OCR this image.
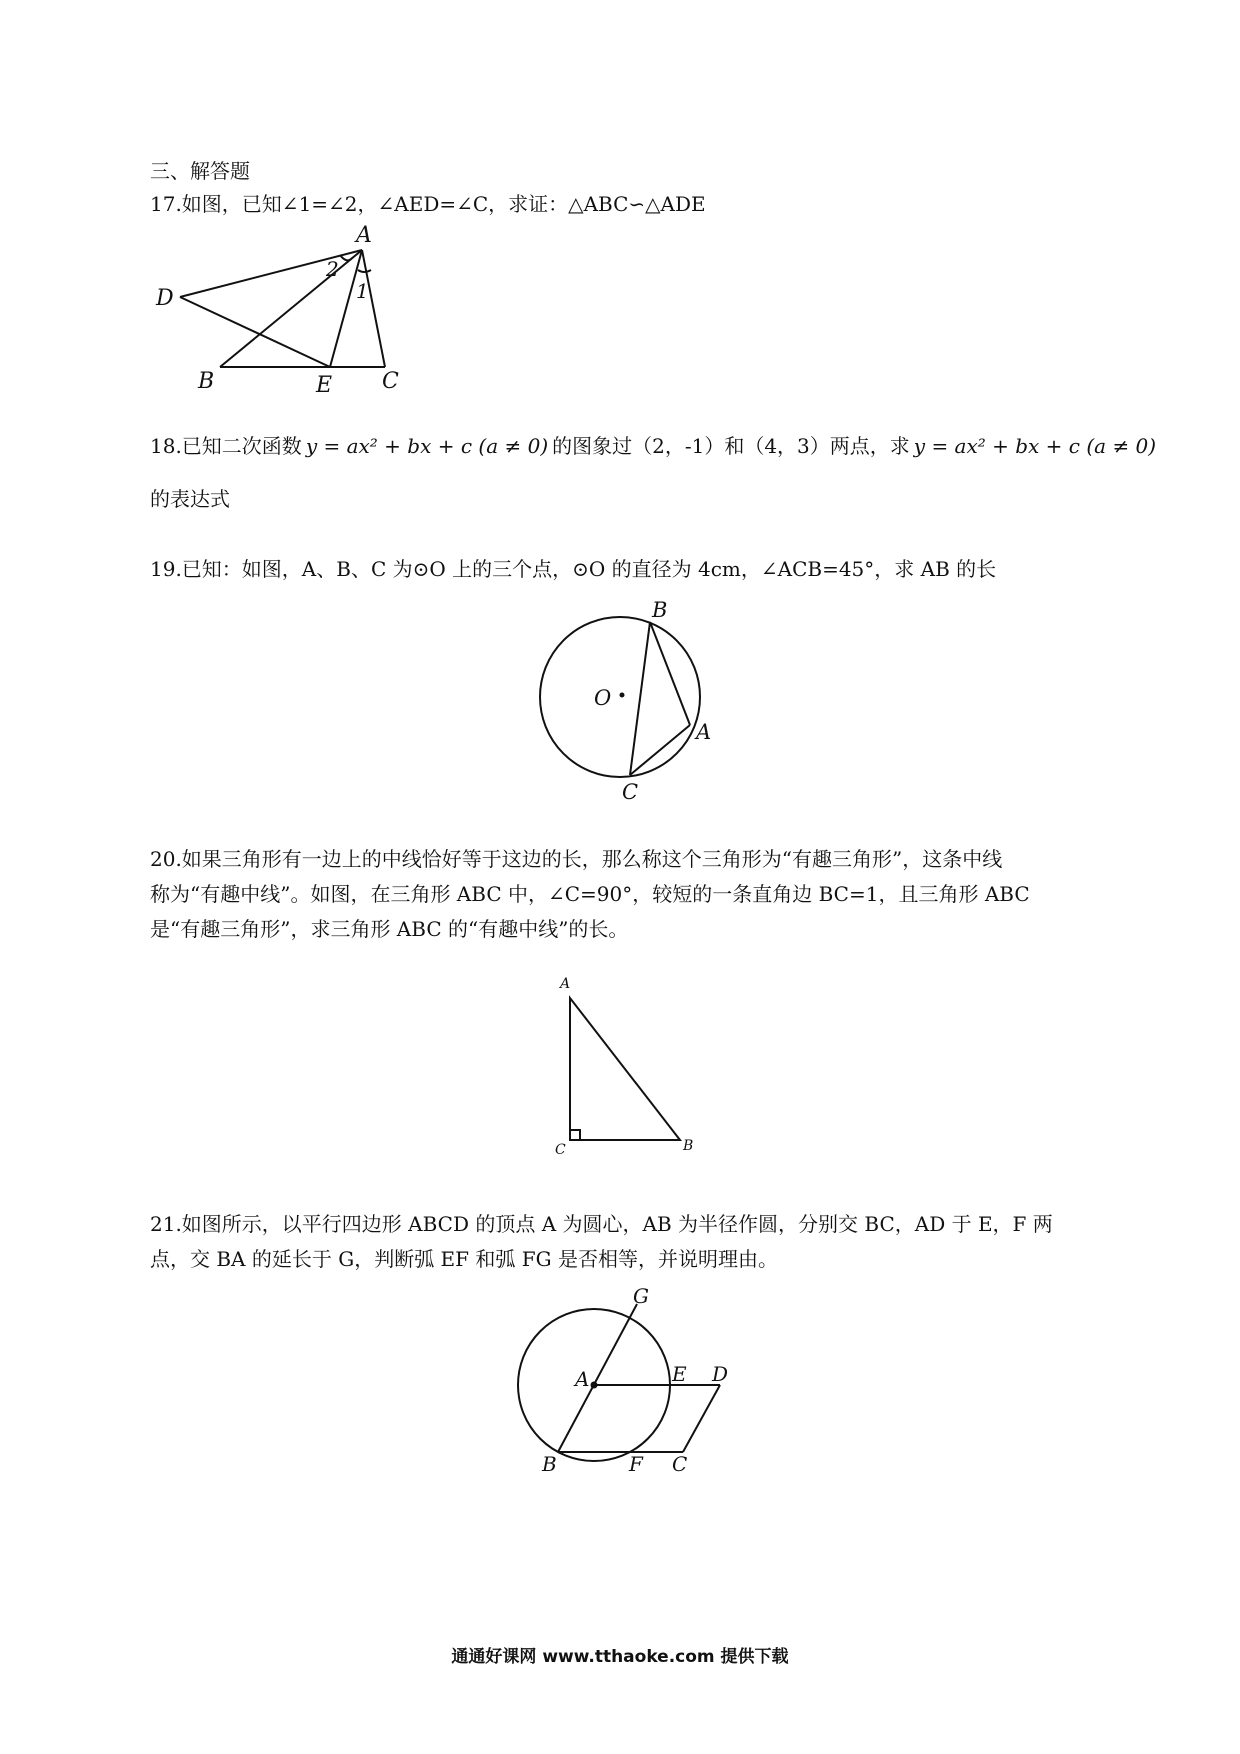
三、解答题
17.如图，已知∠1=∠2，∠AED=∠C，求证：△ABC∽△ADE
A
D
B	E C
2
1
18.已知二次函数 y = ax² + bx + c (a ≠ 0) 的图象过（2，-1）和（4，3）两点，求 y = ax² + bx + c (a ≠ 0)
的表达式
19.已知：如图，A、B、C 为⊙O 上的三个点，⊙O 的直径为 4cm，∠ACB=45°，求 AB 的长
B
A
C
O
20.如果三角形有一边上的中线恰好等于这边的长，那么称这个三角形为“有趣三角形”，这条中线
称为“有趣中线”。如图，在三角形 ABC 中，∠C=90°，较短的一条直角边 BC=1，且三角形 ABC
是“有趣三角形”，求三角形 ABC 的“有趣中线”的长。
A
C	B
21.如图所示，以平行四边形 ABCD 的顶点 A 为圆心，AB 为半径作圆，分别交 BC，AD 于 E，F 两
点，交 BA 的延长于 G，判断弧 EF 和弧 FG 是否相等，并说明理由。
G
A	E D
B	F C
通通好课网 www.tthaoke.com 提供下载
